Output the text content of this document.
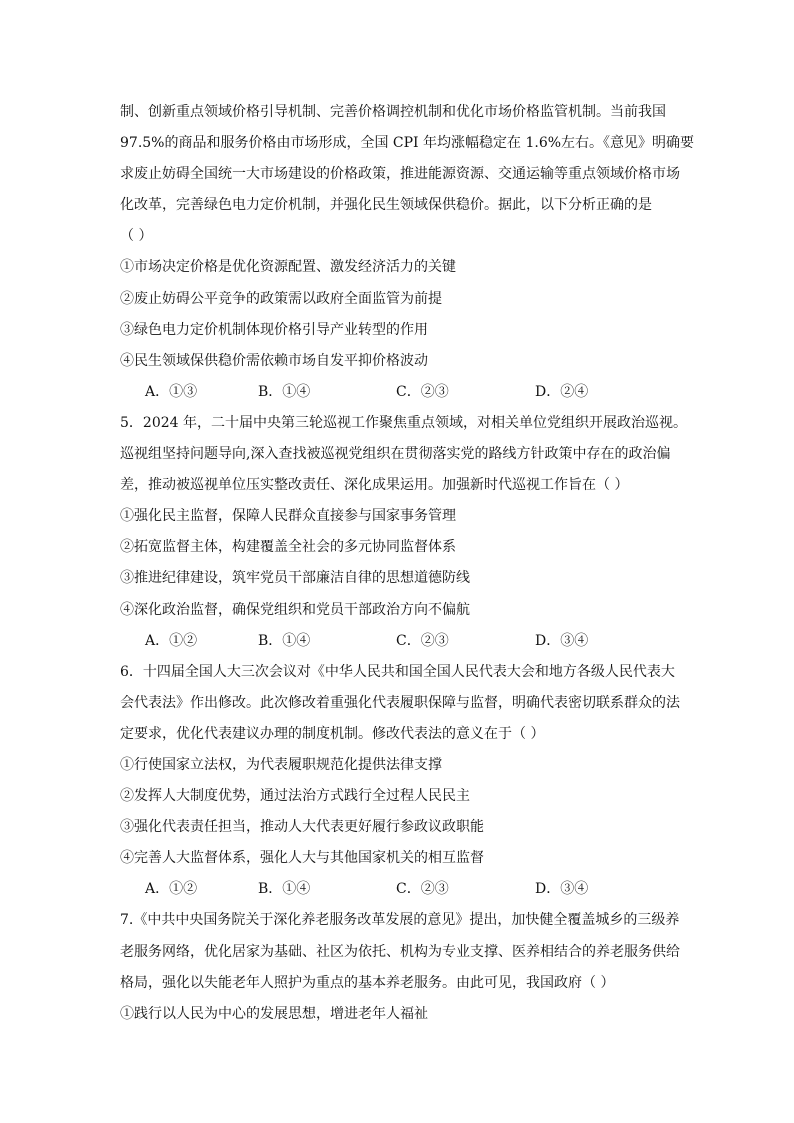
制、创新重点领域价格引导机制、完善价格调控机制和优化市场价格监管机制。当前我国
97.5%的商品和服务价格由市场形成，全国 CPI 年均涨幅稳定在 1.6%左右。《意见》明确要
求废止妨碍全国统一大市场建设的价格政策，推进能源资源、交通运输等重点领域价格市场
化改革，完善绿色电力定价机制，并强化民生领域保供稳价。据此，以下分析正确的是
（ ）
①市场决定价格是优化资源配置、激发经济活力的关键
②废止妨碍公平竞争的政策需以政府全面监管为前提
③绿色电力定价机制体现价格引导产业转型的作用
④民生领域保供稳价需依赖市场自发平抑价格波动
A．①③	B．①④	C．②③	D．②④
5．2024 年，二十届中央第三轮巡视工作聚焦重点领域，对相关单位党组织开展政治巡视。
巡视组坚持问题导向,深入查找被巡视党组织在贯彻落实党的路线方针政策中存在的政治偏
差，推动被巡视单位压实整改责任、深化成果运用。加强新时代巡视工作旨在（ ）
①强化民主监督，保障人民群众直接参与国家事务管理
②拓宽监督主体，构建覆盖全社会的多元协同监督体系
③推进纪律建设，筑牢党员干部廉洁自律的思想道德防线
④深化政治监督，确保党组织和党员干部政治方向不偏航
A．①②	B．①④	C．②③	D．③④
6．十四届全国人大三次会议对《中华人民共和国全国人民代表大会和地方各级人民代表大
会代表法》作出修改。此次修改着重强化代表履职保障与监督，明确代表密切联系群众的法
定要求，优化代表建议办理的制度机制。修改代表法的意义在于（ ）
①行使国家立法权，为代表履职规范化提供法律支撑
②发挥人大制度优势，通过法治方式践行全过程人民民主
③强化代表责任担当，推动人大代表更好履行参政议政职能
④完善人大监督体系，强化人大与其他国家机关的相互监督
A．①②	B．①④	C．②③	D．③④
7.《中共中央国务院关于深化养老服务改革发展的意见》提出，加快健全覆盖城乡的三级养
老服务网络，优化居家为基础、社区为依托、机构为专业支撑、医养相结合的养老服务供给
格局，强化以失能老年人照护为重点的基本养老服务。由此可见，我国政府（ ）
①践行以人民为中心的发展思想，增进老年人福祉
